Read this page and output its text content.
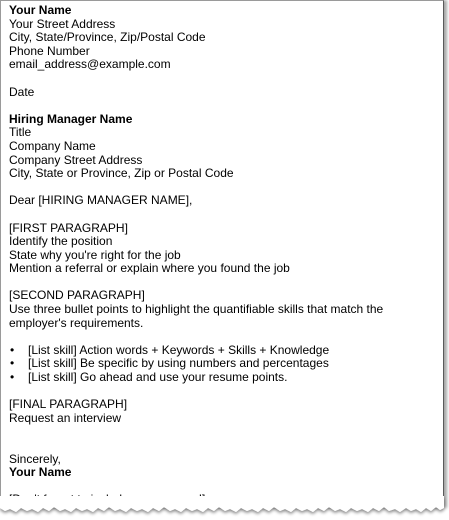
Your Name
Your Street Address
City, State/Province, Zip/Postal Code
Phone Number
email_address@example.com
Date
Hiring Manager Name
Title
Company Name
Company Street Address
City, State or Province, Zip or Postal Code
Dear [HIRING MANAGER NAME],
[FIRST PARAGRAPH]
Identify the position
State why you're right for the job
Mention a referral or explain where you found the job
[SECOND PARAGRAPH]
Use three bullet points to highlight the quantifiable skills that match the employer's requirements.
• [List skill] Action words + Keywords + Skills + Knowledge
• [List skill] Be specific by using numbers and percentages
• [List skill] Go ahead and use your resume points.
[FINAL PARAGRAPH]
Request an interview
Sincerely,
Your Name
